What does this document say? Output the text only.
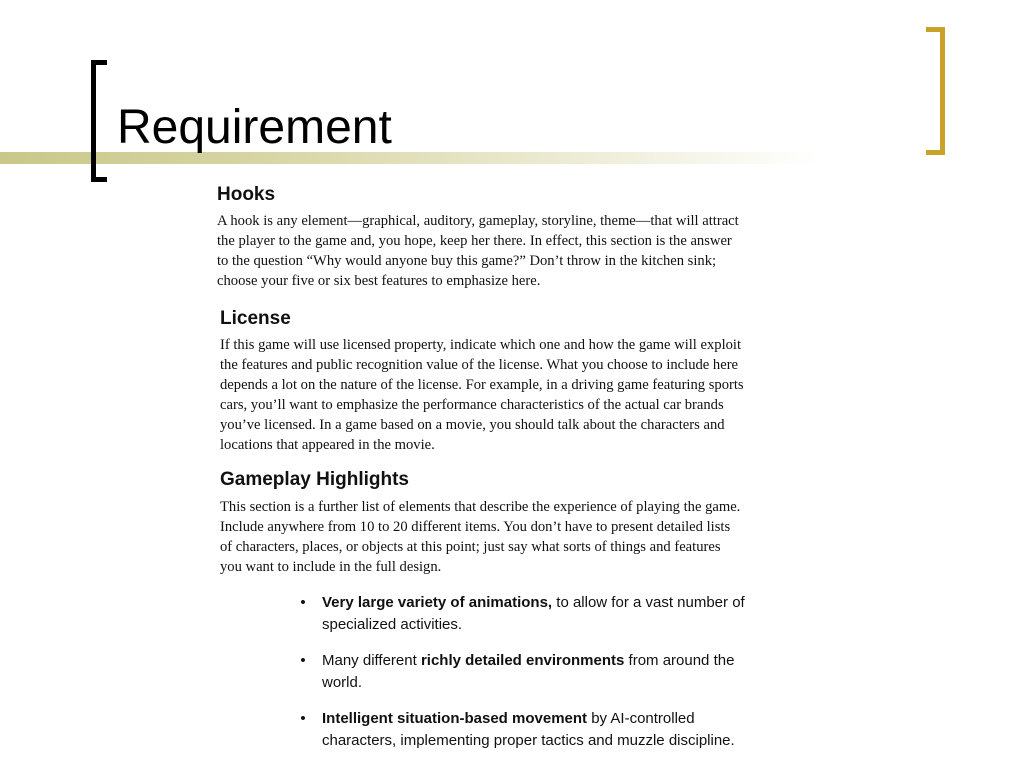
Requirement
Hooks

A hook is any element—graphical, auditory, gameplay, storyline, theme—that will attract
the player to the game and, you hope, keep her there. In effect, this section is the answer
to the question “Why would anyone buy this game?” Don’t throw in the kitchen sink;
choose your five or six best features to emphasize here.

License

If this game will use licensed property, indicate which one and how the game will exploit
the features and public recognition value of the license. What you choose to include here
depends a lot on the nature of the license. For example, in a driving game featuring sports
cars, you’ll want to emphasize the performance characteristics of the actual car brands
you’ve licensed. In a game based on a movie, you should talk about the characters and
locations that appeared in the movie.

Gameplay Highlights

This section is a further list of elements that describe the experience of playing the game.
Include anywhere from 10 to 20 different items. You don’t have to present detailed lists
of characters, places, or objects at this point; just say what sorts of things and features
you want to include in the full design.

• Very large variety of animations, to allow for a vast number of
specialized activities.
• Many different richly detailed environments from around the
world.
• Intelligent situation-based movement by AI-controlled
characters, implementing proper tactics and muzzle discipline.
